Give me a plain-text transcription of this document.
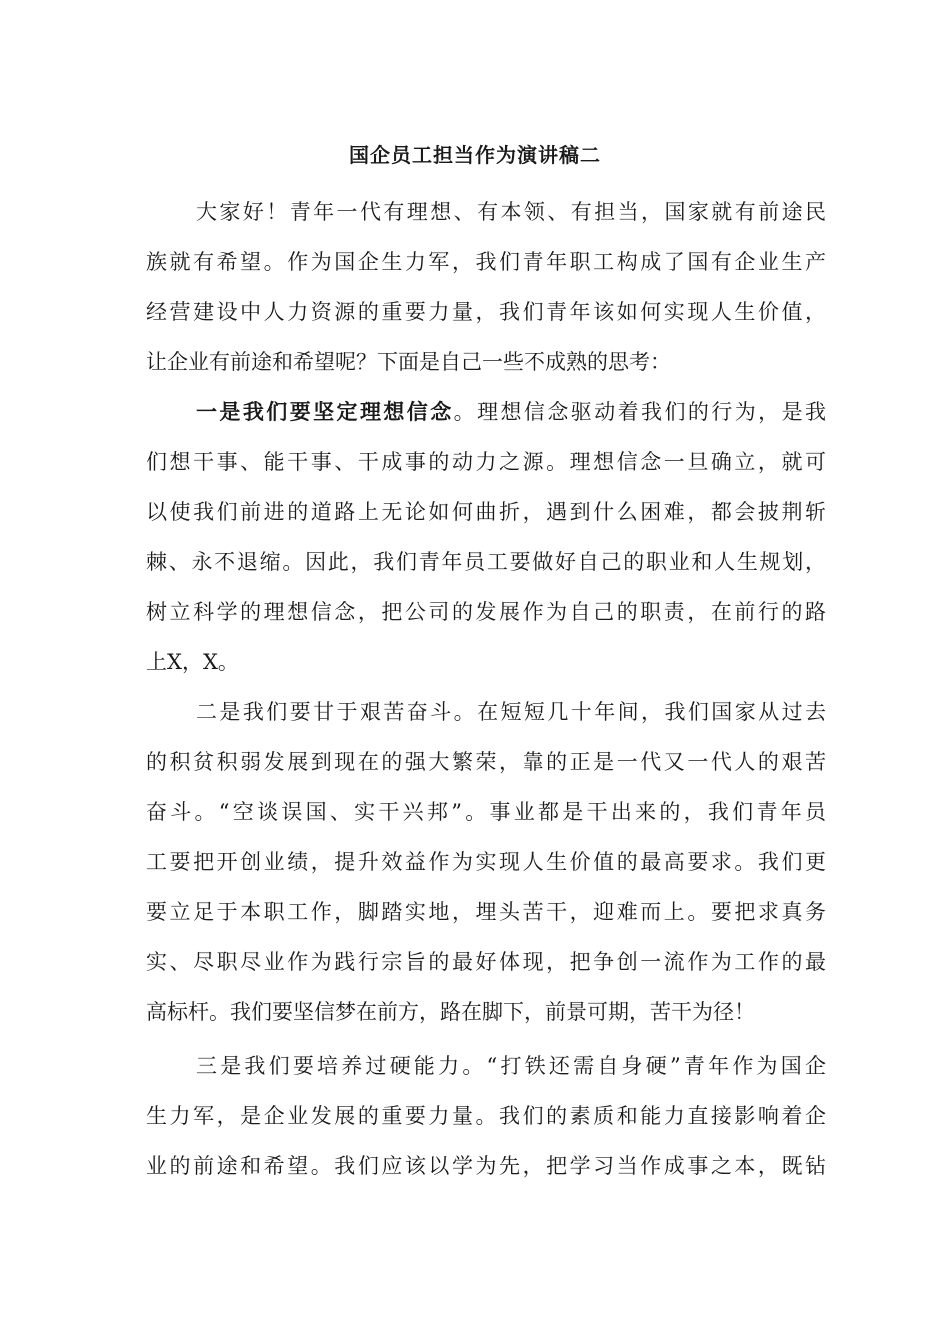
国企员工担当作为演讲稿二

大家好！青年一代有理想、有本领、有担当，国家就有前途民

族就有希望。作为国企生力军，我们青年职工构成了国有企业生产

经营建设中人力资源的重要力量，我们青年该如何实现人生价值，

让企业有前途和希望呢？下面是自己一些不成熟的思考：

一是我们要坚定理想信念。理想信念驱动着我们的行为，是我

们想干事、能干事、干成事的动力之源。理想信念一旦确立，就可

以使我们前进的道路上无论如何曲折，遇到什么困难，都会披荆斩

棘、永不退缩。因此，我们青年员工要做好自己的职业和人生规划，

树立科学的理想信念，把公司的发展作为自己的职责，在前行的路

上X，X。

二是我们要甘于艰苦奋斗。在短短几十年间，我们国家从过去

的积贫积弱发展到现在的强大繁荣，靠的正是一代又一代人的艰苦

奋斗。“空谈误国、实干兴邦”。事业都是干出来的，我们青年员

工要把开创业绩，提升效益作为实现人生价值的最高要求。我们更

要立足于本职工作，脚踏实地，埋头苦干，迎难而上。要把求真务

实、尽职尽业作为践行宗旨的最好体现，把争创一流作为工作的最

高标杆。我们要坚信梦在前方，路在脚下，前景可期，苦干为径！

三是我们要培养过硬能力。“打铁还需自身硬”青年作为国企

生力军，是企业发展的重要力量。我们的素质和能力直接影响着企

业的前途和希望。我们应该以学为先，把学习当作成事之本，既钻
